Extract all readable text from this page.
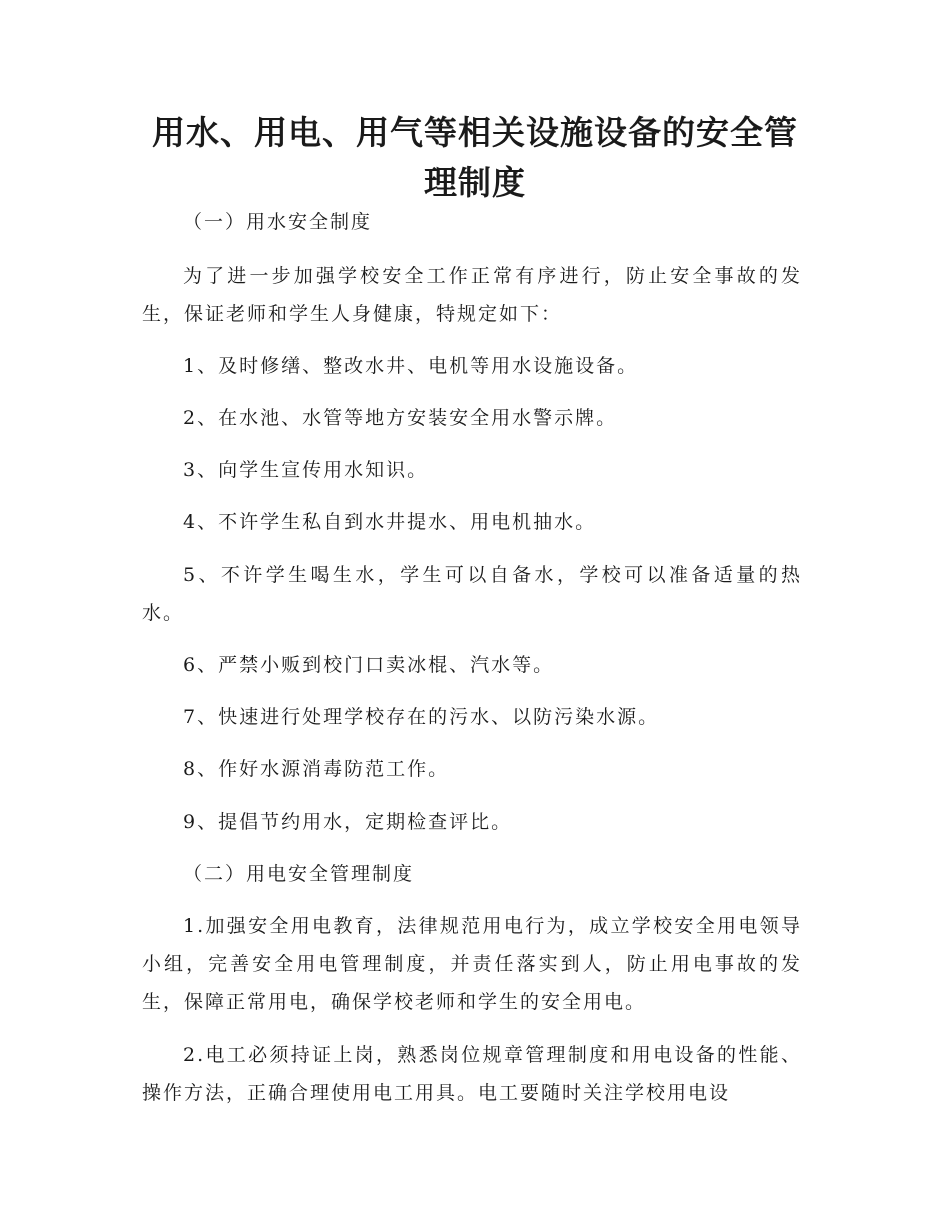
用水、用电、用气等相关设施设备的安全管理制度

（一）用水安全制度

为了进一步加强学校安全工作正常有序进行，防止安全事故的发生，保证老师和学生人身健康，特规定如下：

1、及时修缮、整改水井、电机等用水设施设备。

2、在水池、水管等地方安装安全用水警示牌。

3、向学生宣传用水知识。

4、不许学生私自到水井提水、用电机抽水。

5、不许学生喝生水，学生可以自备水，学校可以准备适量的热水。

6、严禁小贩到校门口卖冰棍、汽水等。

7、快速进行处理学校存在的污水、以防污染水源。

8、作好水源消毒防范工作。

9、提倡节约用水，定期检查评比。

（二）用电安全管理制度

1.加强安全用电教育，法律规范用电行为，成立学校安全用电领导小组，完善安全用电管理制度，并责任落实到人，防止用电事故的发生，保障正常用电，确保学校老师和学生的安全用电。

2.电工必须持证上岗，熟悉岗位规章管理制度和用电设备的性能、操作方法，正确合理使用电工用具。电工要随时关注学校用电设
